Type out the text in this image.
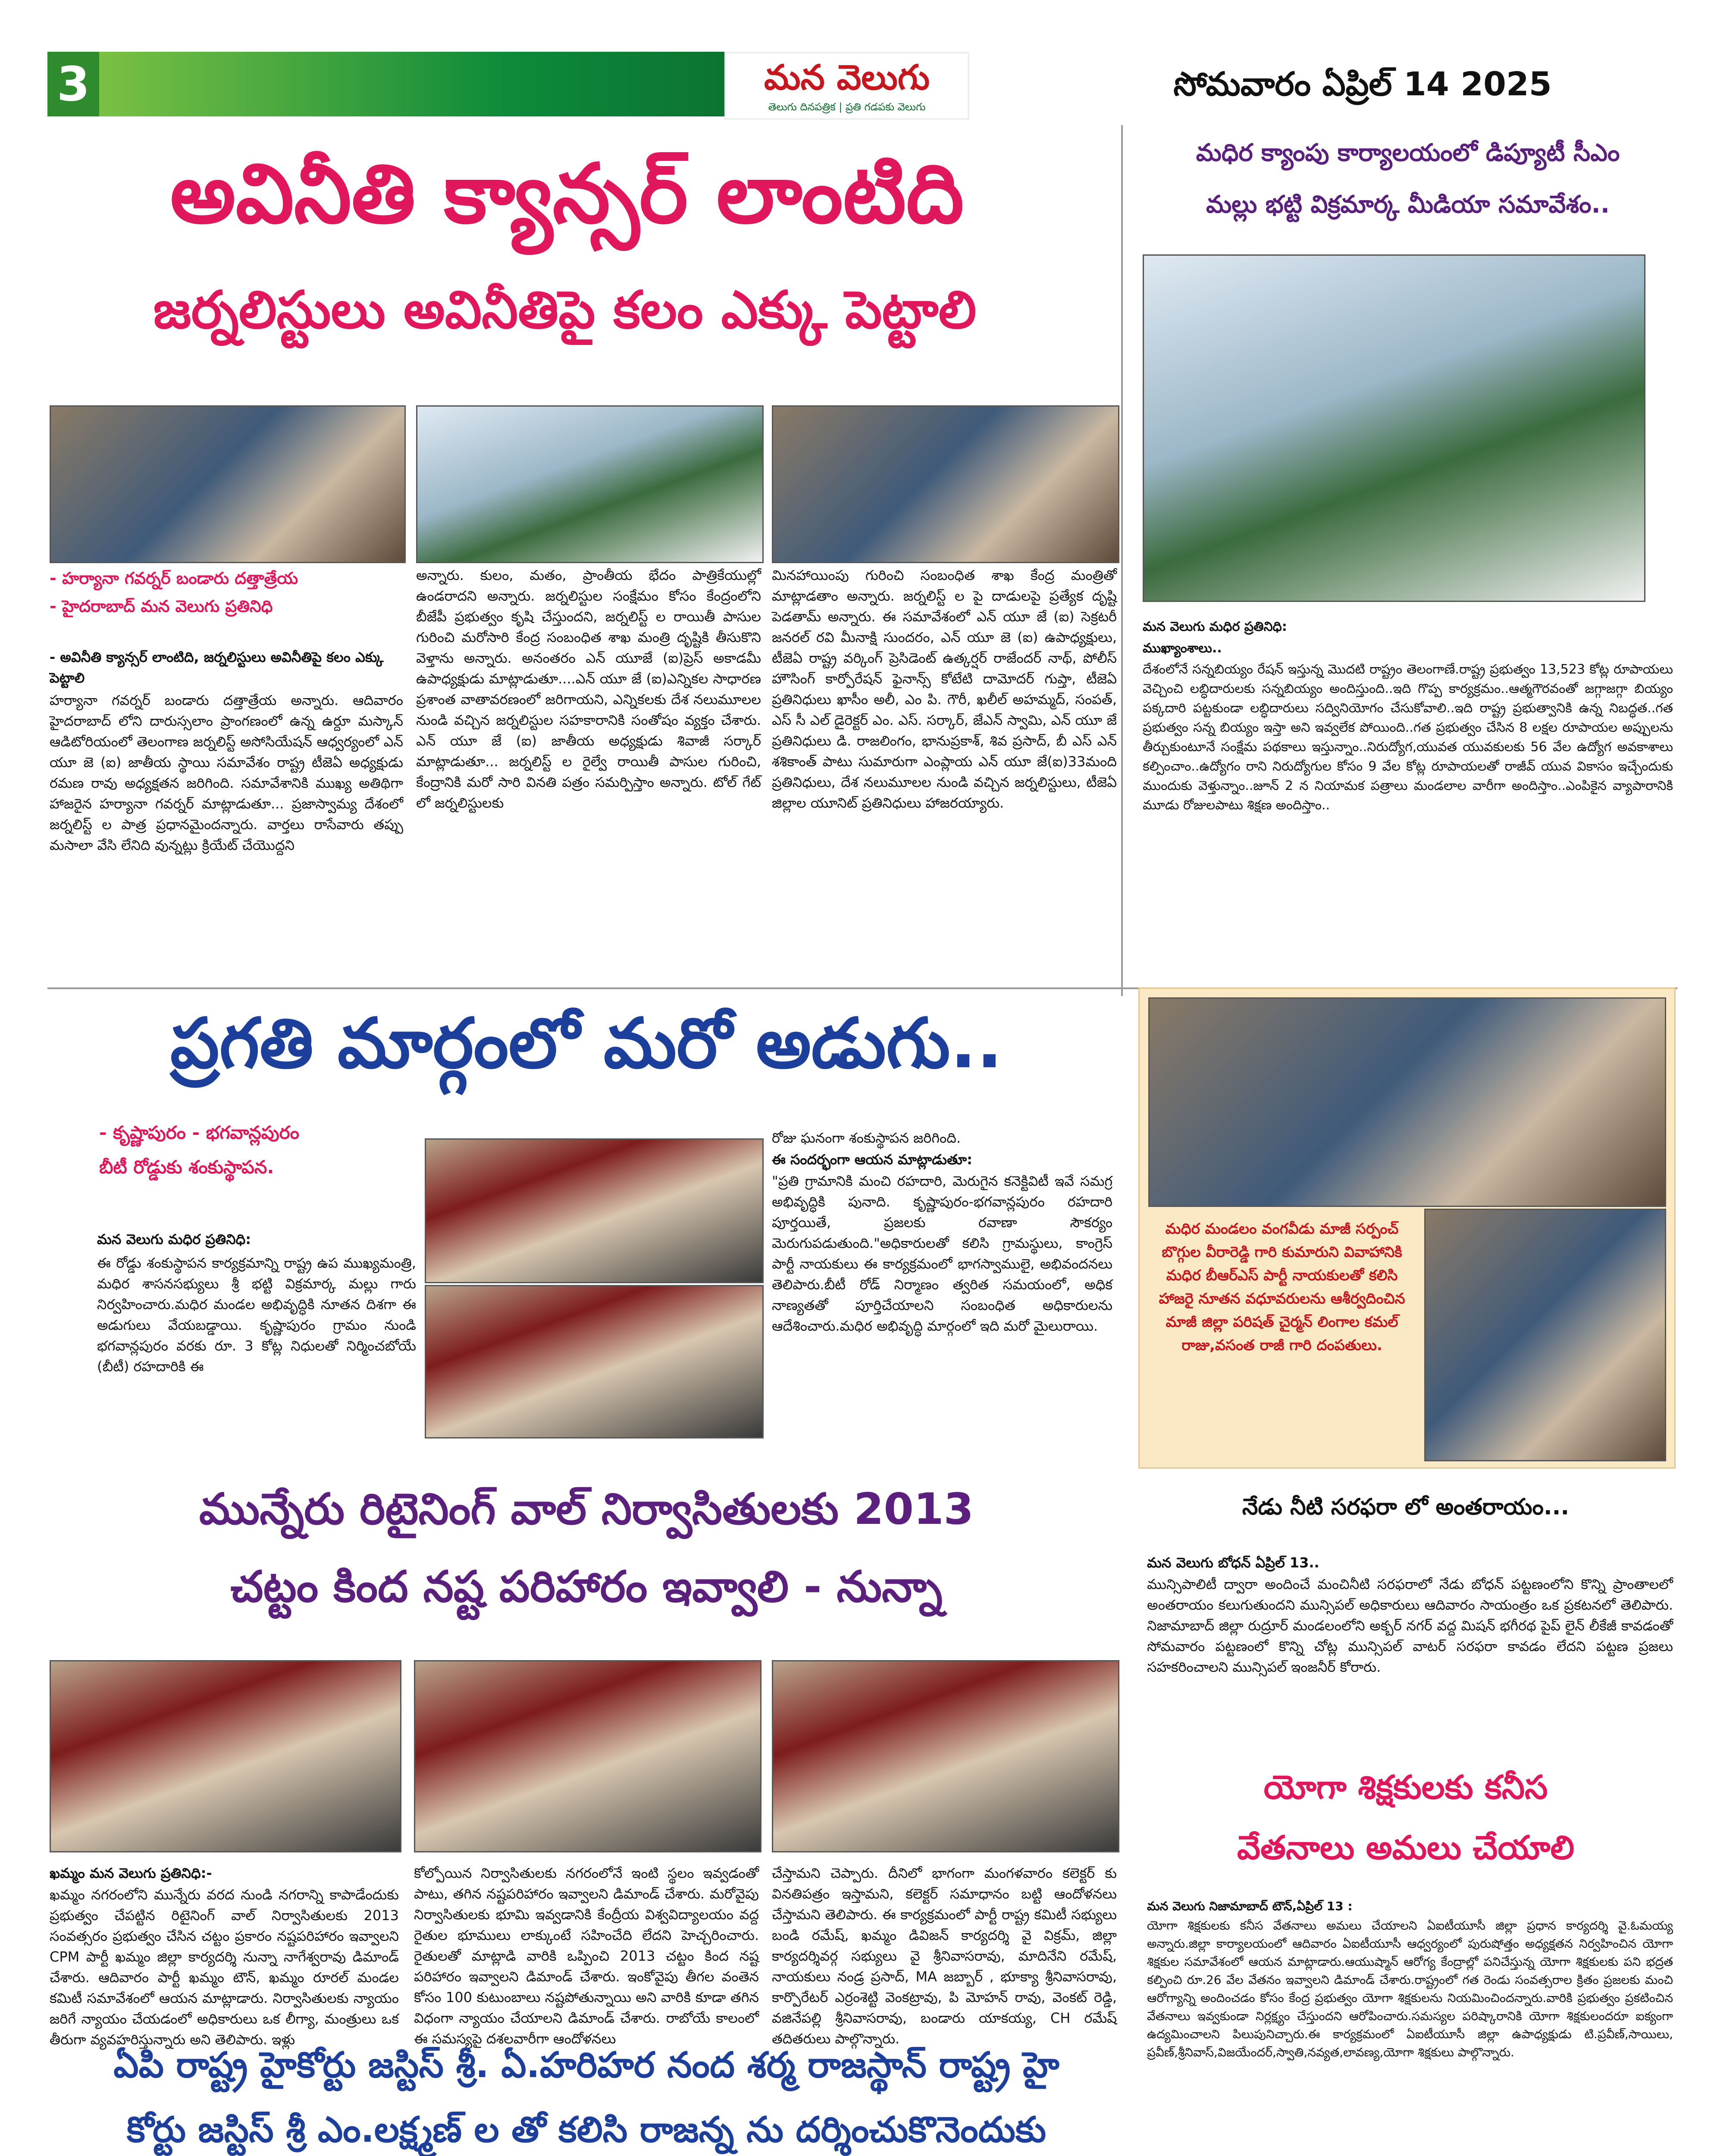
3	మన వెలుగు
తెలుగు దినపత్రిక | ప్రతి గడపకు వెలుగు
సోమవారం ఏప్రిల్ 14 2025
అవినీతి క్యాన్సర్ లాంటిది
జర్నలిస్టులు అవినీతిపై కలం ఎక్కు పెట్టాలి
- హర్యానా గవర్నర్ బండారు దత్తాత్రేయ
- హైదరాబాద్ మన వెలుగు ప్రతినిధి
- అవినీతి క్యాన్సర్ లాంటిది, జర్నలిస్టులు అవినీతిపై కలం ఎక్కు పెట్టాలి
హర్యానా గవర్నర్ బండారు దత్తాత్రేయ అన్నారు. ఆదివారం హైదరాబాద్ లోని దారుస్సలాం ప్రాంగణంలో ఉన్న ఉర్దూ మస్కాన్ ఆడిటోరియంలో తెలంగాణ జర్నలిస్ట్ అసోసియేషన్ ఆధ్వర్యంలో ఎన్ యూ జె (ఐ) జాతీయ స్థాయి సమావేశం రాష్ట్ర టీజెఏ అధ్యక్షుడు రమణ రావు అధ్యక్షతన జరిగింది. సమావేశానికి ముఖ్య అతిథిగా హాజరైన హర్యానా గవర్నర్ మాట్లాడుతూ... ప్రజాస్వామ్య దేశంలో జర్నలిస్ట్ ల పాత్ర ప్రధానమైందన్నారు. వార్తలు రాసేవారు తప్పు మసాలా వేసి లేనిది వున్నట్లు క్రియేట్ చేయొద్దని
అన్నారు. కులం, మతం, ప్రాంతీయ భేదం పాత్రికేయుల్లో ఉండరాదని అన్నారు. జర్నలిస్టుల సంక్షేమం కోసం కేంద్రంలోని బీజేపీ ప్రభుత్వం కృషి చేస్తుందని, జర్నలిస్ట్ ల రాయితీ పాసుల గురించి మరోసారి కేంద్ర సంబంధిత శాఖ మంత్రి దృష్టికి తీసుకొని వెళ్తాను అన్నారు. అనంతరం ఎన్ యూజే (ఐ)ప్రెస్ అకాడమీ ఉపాధ్యక్షుడు మాట్లాడుతూ....ఎన్ యూ జే (ఐ)ఎన్నికల సాధారణ ప్రశాంత వాతావరణంలో జరిగాయని, ఎన్నికలకు దేశ నలుమూలల నుండి వచ్చిన జర్నలిస్టుల సహకారానికి సంతోషం వ్యక్తం చేశారు. ఎన్ యూ జే (ఐ) జాతీయ అధ్యక్షుడు శివాజీ సర్కార్ మాట్లాడుతూ... జర్నలిస్ట్ ల రైల్వే రాయితీ పాసుల గురించి, కేంద్రానికి మరో సారి వినతి పత్రం సమర్పిస్తాం అన్నారు. టోల్ గేట్ లో జర్నలిస్టులకు
మినహాయింపు గురించి సంబంధిత శాఖ కేంద్ర మంత్రితో మాట్లాడతాం అన్నారు. జర్నలిస్ట్ ల పై దాడులపై ప్రత్యేక దృష్టి పెడతామ్ అన్నారు. ఈ సమావేశంలో ఎన్ యూ జే (ఐ) సెక్రటరీ జనరల్ రవి మీనాక్షి సుందరం, ఎన్ యూ జె (ఐ) ఉపాధ్యక్షులు, టీజెఏ రాష్ట్ర వర్కింగ్ ప్రెసిడెంట్ ఉత్కర్షర్ రాజేందర్ నాథ్, పోలీస్ హౌసింగ్ కార్పోరేషన్ ఫైనాన్స్ కోటేటి దామోదర్ గుప్తా, టీజెఏ ప్రతినిధులు ఖాసీం అలీ, ఎం పి. గౌరీ, ఖలీల్ అహమ్మద్, సంపత్, ఎస్ సీ ఎల్ డైరెక్టర్ ఎం. ఎస్. సర్కార్, జేఎన్ స్వామి, ఎన్ యూ జే ప్రతినిధులు డి. రాజలింగం, భానుప్రకాశ్, శివ ప్రసాద్, బీ ఎస్ ఎన్ శశికాంత్ పాటు సుమారుగా ఎంప్లాయ ఎన్ యూ జే(ఐ)33మంది ప్రతినిధులు, దేశ నలుమూలల నుండి వచ్చిన జర్నలిస్టులు, టీజెఏ జిల్లాల యూనిట్ ప్రతినిధులు హాజరయ్యారు.
మధిర క్యాంపు కార్యాలయంలో డిప్యూటీ సీఎం
మల్లు భట్టి విక్రమార్క మీడియా సమావేశం..
మన వెలుగు మధిర ప్రతినిధి:
ముఖ్యాంశాలు..
దేశంలోనే సన్నబియ్యం రేషన్ ఇస్తున్న మొదటి రాష్ట్రం తెలంగాణే.రాష్ట్ర ప్రభుత్వం 13,523 కోట్ల రూపాయలు వెచ్చించి లబ్ధిదారులకు సన్నబియ్యం అందిస్తుంది..ఇది గొప్ప కార్యక్రమం..ఆత్మగౌరవంతో జగ్గాజగ్గా బియ్యం పక్కదారి పట్టకుండా లబ్ధిదారులు సద్వినియోగం చేసుకోవాలి..ఇది రాష్ట్ర ప్రభుత్వానికి ఉన్న నిబద్ధత..గత ప్రభుత్వం సన్న బియ్యం ఇస్తా అని ఇవ్వలేక పోయింది..గత ప్రభుత్వం చేసిన 8 లక్షల రూపాయల అప్పులను తీర్చుకుంటూనే సంక్షేమ పథకాలు ఇస్తున్నాం..నిరుద్యోగ,యువత యువకులకు 56 వేల ఉద్యోగ అవకాశాలు కల్పించాం..ఉద్యోగం రాని నిరుద్యోగుల కోసం 9 వేల కోట్ల రూపాయలతో రాజీవ్ యువ వికాసం ఇచ్చేందుకు ముందుకు వెళ్తున్నాం..జూన్ 2 న నియామక పత్రాలు మండలాల వారీగా అందిస్తాం..ఎంపికైన వ్యాపారానికి మూడు రోజులపాటు శిక్షణ అందిస్తాం..
ప్రగతి మార్గంలో మరో అడుగు..
- కృష్ణాపురం - భగవాన్లపురం
బీటీ రోడ్డుకు శంకుస్థాపన.
మన వెలుగు మధిర ప్రతినిధి:
ఈ రోడ్డు శంకుస్థాపన కార్యక్రమాన్ని రాష్ట్ర ఉప ముఖ్యమంత్రి, మధిర శాసనసభ్యులు శ్రీ భట్టి విక్రమార్క మల్లు గారు నిర్వహించారు.మధిర మండల అభివృద్ధికి నూతన దిశగా ఈ అడుగులు వేయబడ్డాయి. కృష్ణాపురం గ్రామం నుండి భగవాన్లపురం వరకు రూ. 3 కోట్ల నిధులతో నిర్మించబోయే (బీటీ) రహదారికి ఈ
రోజు ఘనంగా శంకుస్థాపన జరిగింది.
ఈ సందర్భంగా ఆయన మాట్లాడుతూ:
"ప్రతి గ్రామానికి మంచి రహదారి, మెరుగైన కనెక్టివిటీ ఇవే సమగ్ర అభివృద్ధికి పునాది. కృష్ణాపురం-భగవాన్లపురం రహదారి పూర్తయితే, ప్రజలకు రవాణా సౌకర్యం మెరుగుపడుతుంది."అధికారులతో కలిసి గ్రామస్థులు, కాంగ్రెస్ పార్టీ నాయకులు ఈ కార్యక్రమంలో భాగస్వాములై, అభివందనలు తెలిపారు.బీటీ రోడ్ నిర్మాణం త్వరిత సమయంలో, అధిక నాణ్యతతో పూర్తిచేయాలని సంబంధిత అధికారులను ఆదేశించారు.మధిర అభివృద్ధి మార్గంలో ఇది మరో మైలురాయి.
మధిర మండలం వంగవీడు మాజీ సర్పంచ్ బొగ్గుల వీరారెడ్డి గారి కుమారుని వివాహానికి మధిర బీఆర్ఎస్ పార్టీ నాయకులతో కలిసి హాజరై నూతన వధూవరులను ఆశీర్వదించిన మాజీ జిల్లా పరిషత్ చైర్మన్ లింగాల కమల్ రాజు,వసంత రాజీ గారి దంపతులు.
నేడు నీటి సరఫరా లో అంతరాయం...
మన వెలుగు బోధన్ ఏప్రిల్ 13..
మున్సిపాలిటీ ద్వారా అందించే మంచినీటి సరఫరాలో నేడు బోధన్ పట్టణంలోని కొన్ని ప్రాంతాలలో అంతరాయం కలుగుతుందని మున్సిపల్ అధికారులు ఆదివారం సాయంత్రం ఒక ప్రకటనలో తెలిపారు. నిజామాబాద్ జిల్లా రుద్రూర్ మండలంలోని అక్బర్ నగర్ వద్ద మిషన్ భగీరథ పైప్ లైన్ లీకేజీ కావడంతో సోమవారం పట్టణంలో కొన్ని చోట్ల మున్సిపల్ వాటర్ సరఫరా కావడం లేదని పట్టణ ప్రజలు సహకరించాలని మున్సిపల్ ఇంజనీర్ కోరారు.
మున్నేరు రిటైనింగ్ వాల్ నిర్వాసితులకు 2013
చట్టం కింద నష్ట పరిహారం ఇవ్వాలి - నున్నా
ఖమ్మం మన వెలుగు ప్రతినిధి:-
ఖమ్మం నగరంలోని మున్నేరు వరద నుండి నగరాన్ని కాపాడేందుకు ప్రభుత్వం చేపట్టిన రిటైనింగ్ వాల్ నిర్వాసితులకు 2013 సంవత్సరం ప్రభుత్వం చేసిన చట్టం ప్రకారం నష్టపరిహారం ఇవ్వాలని CPM పార్టీ ఖమ్మం జిల్లా కార్యదర్శి నున్నా నాగేశ్వరావు డిమాండ్ చేశారు. ఆదివారం పార్టీ ఖమ్మం టౌన్, ఖమ్మం రూరల్ మండల కమిటీ సమావేశంలో ఆయన మాట్లాడారు. నిర్వాసితులకు న్యాయం జరిగే న్యాయం చేయడంలో అధికారులు ఒక లీగ్యా, మంత్రులు ఒక తీరుగా వ్యవహరిస్తున్నారు అని తెలిపారు. ఇళ్లు
కోల్పోయిన నిర్వాసితులకు నగరంలోనే ఇంటి స్థలం ఇవ్వడంతో పాటు, తగిన నష్టపరిహారం ఇవ్వాలని డిమాండ్ చేశారు. మరోవైపు నిర్వాసితులకు భూమి ఇవ్వడానికి కేంద్రీయ విశ్వవిద్యాలయం వద్ద రైతుల భూములు లాక్కుంటే సహించేది లేదని హెచ్చరించారు. రైతులతో మాట్లాడి వారికి ఒప్పించి 2013 చట్టం కింద నష్ట పరిహారం ఇవ్వాలని డిమాండ్ చేశారు. ఇంకోవైపు తీగల వంతెన కోసం 100 కుటుంబాలు నష్టపోతున్నాయి అని వారికి కూడా తగిన విధంగా న్యాయం చేయాలని డిమాండ్ చేశారు. రాబోయే కాలంలో ఈ సమస్యపై దశలవారీగా ఆందోళనలు
చేస్తామని చెప్పారు. దీనిలో భాగంగా మంగళవారం కలెక్టర్ కు వినతిపత్రం ఇస్తామని, కలెక్టర్ సమాధానం బట్టి ఆందోళనలు చేస్తామని తెలిపారు. ఈ కార్యక్రమంలో పార్టీ రాష్ట్ర కమిటీ సభ్యులు బండి రమేష్, ఖమ్మం డివిజన్ కార్యదర్శి వై విక్రమ్, జిల్లా కార్యదర్శివర్గ సభ్యులు వై శ్రీనివాసరావు, మాదినేని రమేష్, నాయకులు నండ్ర ప్రసాద్, MA జబ్బార్ , భూక్యా శ్రీనివాసరావు, కార్పొరేటర్ ఎర్రంశెట్టి వెంకట్రావు, పి మోహన్ రావు, వెంకట్ రెడ్డి, వజినేపల్లి శ్రీనివాసరావు, బండారు యాకయ్య, CH రమేష్ తదితరులు పాల్గొన్నారు.
యోగా శిక్షకులకు కనీస
వేతనాలు అమలు చేయాలి
మన వెలుగు నిజామాబాద్ టౌన్,ఏప్రిల్ 13 :
యోగా శిక్షకులకు కనీస వేతనాలు అమలు చేయాలని ఏఐటీయూసీ జిల్లా ప్రధాన కార్యదర్శి వై.ఓమయ్య అన్నారు.జిల్లా కార్యాలయంలో ఆదివారం ఏఐటీయూసీ ఆధ్వర్యంలో పురుషోత్తం అధ్యక్షతన నిర్వహించిన యోగా శిక్షకుల సమావేశంలో ఆయన మాట్లాడారు.ఆయుష్మాన్ ఆరోగ్య కేంద్రాల్లో పనిచేస్తున్న యోగా శిక్షకులకు పని భద్రత కల్పించి రూ.26 వేల వేతనం ఇవ్వాలని డిమాండ్ చేశారు.రాష్ట్రంలో గత రెండు సంవత్సరాల క్రితం ప్రజలకు మంచి ఆరోగ్యాన్ని అందించడం కోసం కేంద్ర ప్రభుత్వం యోగా శిక్షకులను నియమించిందన్నారు.వారికి ప్రభుత్వం ప్రకటించిన వేతనాలు ఇవ్వకుండా నిర్లక్ష్యం చేస్తుందని ఆరోపించారు.సమస్యల పరిష్కారానికి యోగా శిక్షకులందరూ ఐక్యంగా ఉద్యమించాలని పిలుపునిచ్చారు.ఈ కార్యక్రమంలో ఏఐటీయూసీ జిల్లా ఉపాధ్యక్షుడు టి.ప్రవీణ్,సాయిలు, ప్రవీణ్,శ్రీనివాస్,విజయేందర్,స్వాతి,నవ్యత,లావణ్య,యోగా శిక్షకులు పాల్గొన్నారు.
ఏపి రాష్ట్ర హైకోర్టు జస్టిస్ శ్రీ. ఏ.హరిహర నంద శర్మ రాజస్థాన్ రాష్ట్ర హై
కోర్టు జస్టిస్ శ్రీ ఎం.లక్ష్మణ్ ల తో కలిసి రాజన్న ను దర్శించుకొనెందుకు
